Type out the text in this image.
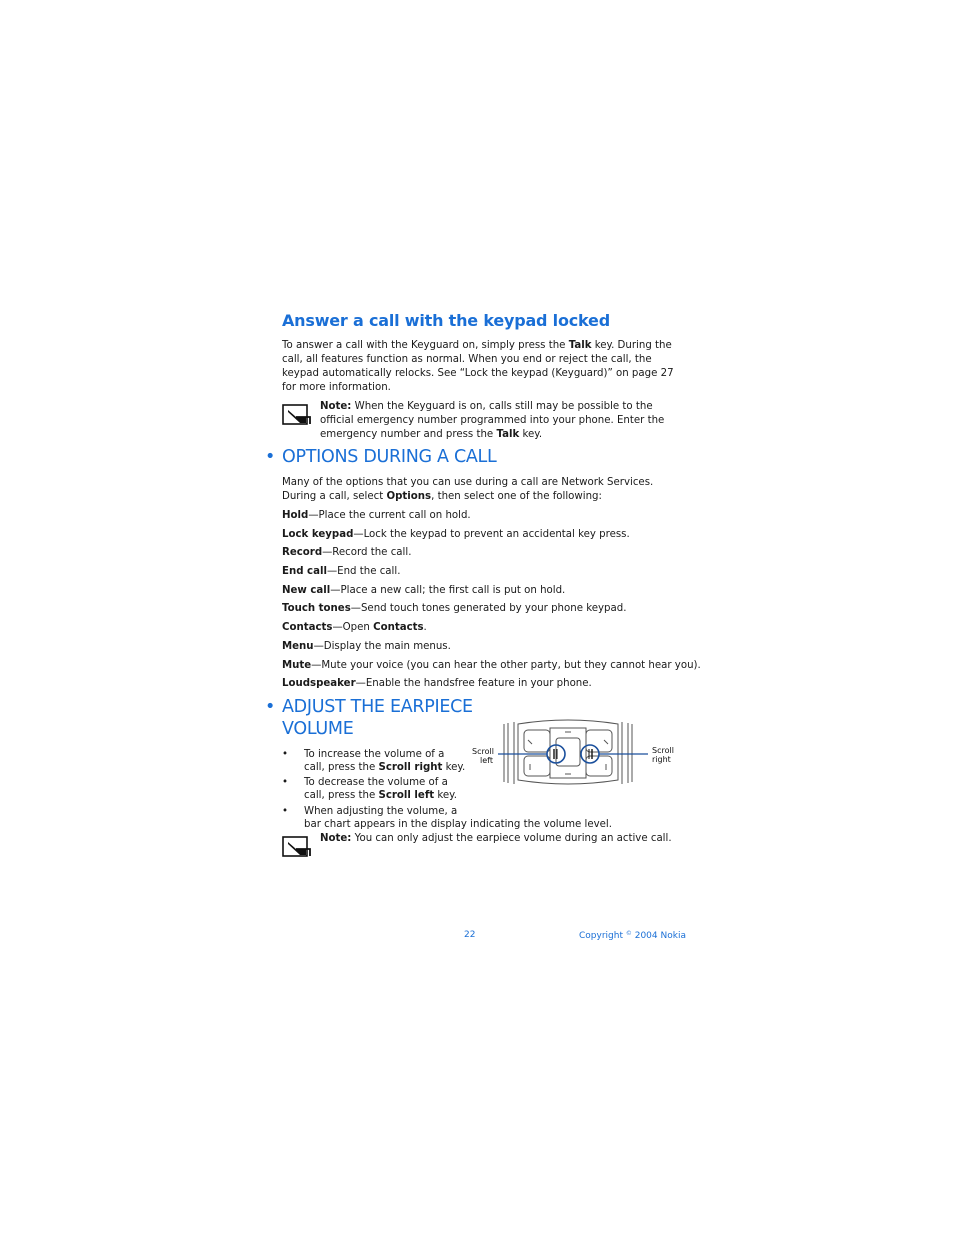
Answer a call with the keypad locked

To answer a call with the Keyguard on, simply press the Talk key. During the call, all features function as normal. When you end or reject the call, the keypad automatically relocks. See “Lock the keypad (Keyguard)” on page 27 for more information.

Note: When the Keyguard is on, calls still may be possible to the official emergency number programmed into your phone. Enter the emergency number and press the Talk key.
• OPTIONS DURING A CALL

Many of the options that you can use during a call are Network Services. During a call, select Options, then select one of the following:

Hold—Place the current call on hold.
Lock keypad—Lock the keypad to prevent an accidental key press.
Record—Record the call.
End call—End the call.
New call—Place a new call; the first call is put on hold.
Touch tones—Send touch tones generated by your phone keypad.
Contacts—Open Contacts.
Menu—Display the main menus.
Mute—Mute your voice (you can hear the other party, but they cannot hear you).
Loudspeaker—Enable the handsfree feature in your phone.
• ADJUST THE EARPIECE
VOLUME
• To increase the volume of a
call, press the Scroll right key.
• To decrease the volume of a
call, press the Scroll left key.
• When adjusting the volume, a
bar chart appears in the display indicating the volume level.
Scroll
left
Scroll
right
Note: You can only adjust the earpiece volume during an active call.
22	Copyright © 2004 Nokia
